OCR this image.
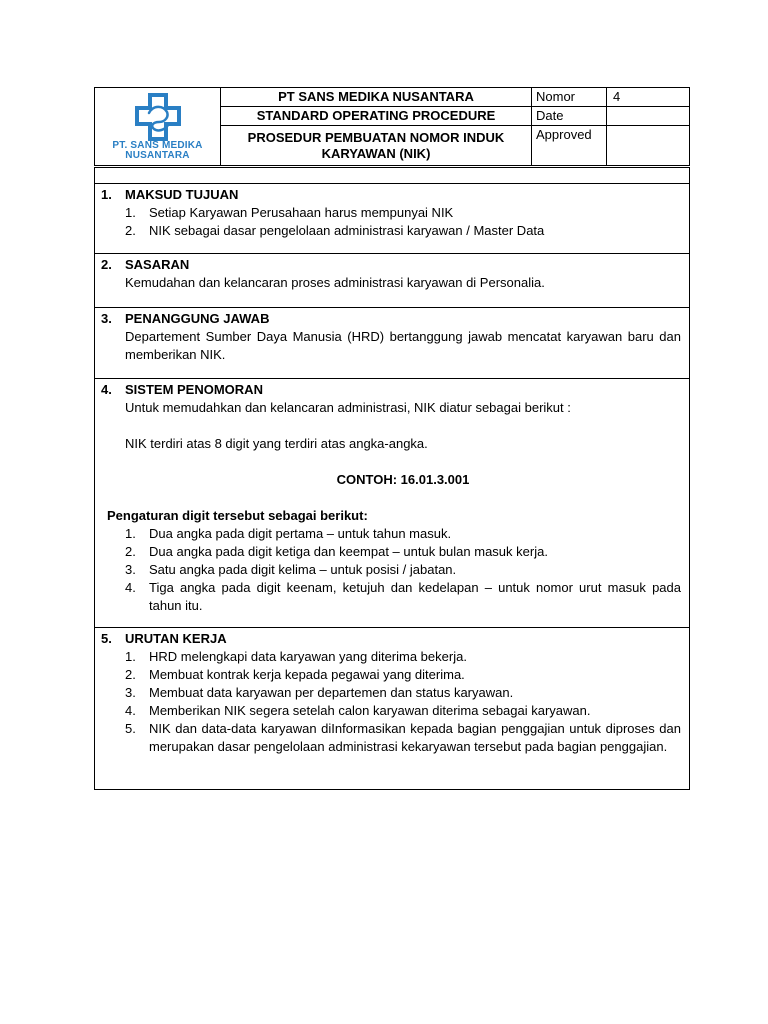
PT. SANS MEDIKA
NUSANTARA	PT SANS MEDIKA NUSANTARA	Nomor	4
	STANDARD OPERATING PROCEDURE	Date	
	PROSEDUR PEMBUATAN NOMOR INDUK KARYAWAN (NIK)	Approved	
1.	MAKSUD TUJUAN
1. Setiap Karyawan Perusahaan harus mempunyai NIK
2. NIK sebagai dasar pengelolaan administrasi karyawan / Master Data
2.	SASARAN
Kemudahan dan kelancaran proses administrasi karyawan di Personalia.
3.	PENANGGUNG JAWAB
Departement Sumber Daya Manusia (HRD) bertanggung jawab mencatat karyawan baru dan memberikan NIK.
4.	SISTEM PENOMORAN
Untuk memudahkan dan kelancaran administrasi, NIK diatur sebagai berikut :
NIK terdiri atas 8 digit yang terdiri atas angka-angka.
CONTOH: 16.01.3.001
Pengaturan digit tersebut sebagai berikut:
1. Dua angka pada digit pertama – untuk tahun masuk.
2. Dua angka pada digit ketiga dan keempat – untuk bulan masuk kerja.
3. Satu angka pada digit kelima – untuk posisi / jabatan.
4. Tiga angka pada digit keenam, ketujuh dan kedelapan – untuk nomor urut masuk pada tahun itu.
5.	URUTAN KERJA
1. HRD melengkapi data karyawan yang diterima bekerja.
2. Membuat kontrak kerja kepada pegawai yang diterima.
3. Membuat data karyawan per departemen dan status karyawan.
4. Memberikan NIK segera setelah calon karyawan diterima sebagai karyawan.
5. NIK dan data-data karyawan diInformasikan kepada bagian penggajian untuk diproses dan merupakan dasar pengelolaan administrasi kekaryawan tersebut pada bagian penggajian.
